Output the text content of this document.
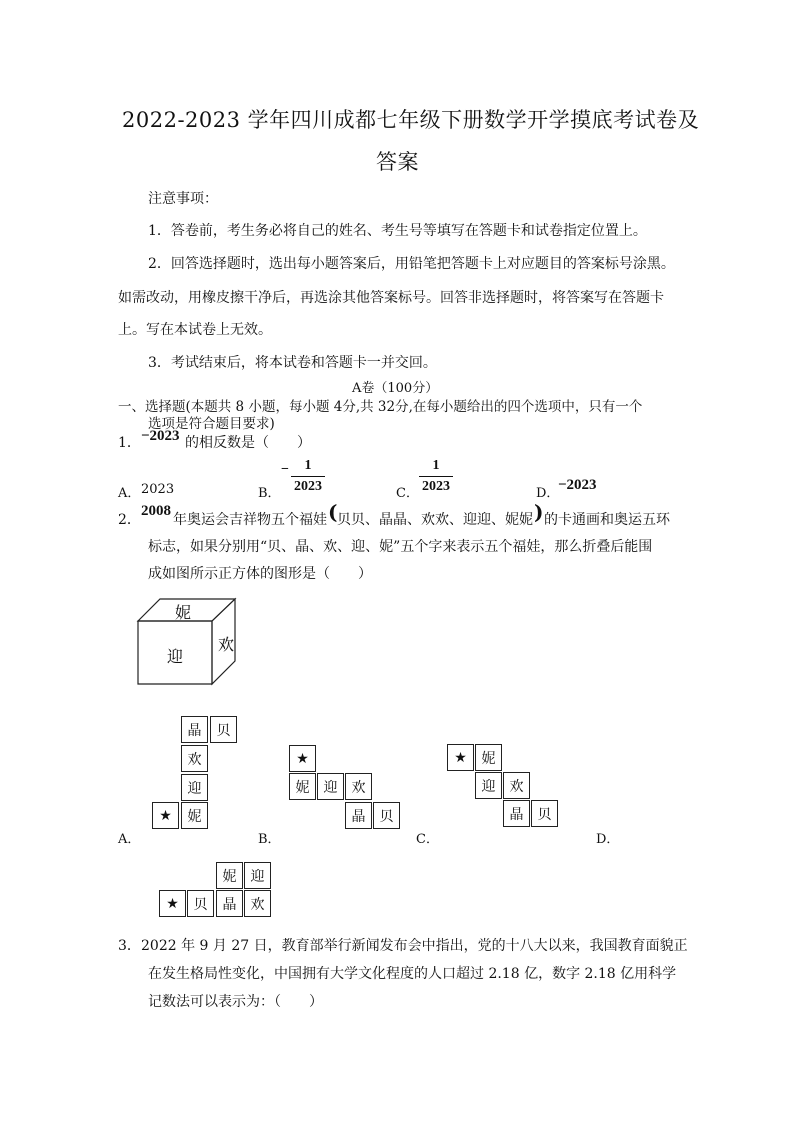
2022-2023 学年四川成都七年级下册数学开学摸底考试卷及
答案
注意事项：
1．答卷前，考生务必将自己的姓名、考生号等填写在答题卡和试卷指定位置上。
2．回答选择题时，选出每小题答案后，用铅笔把答题卡上对应题目的答案标号涂黑。
如需改动，用橡皮擦干净后，再选涂其他答案标号。回答非选择题时，将答案写在答题卡
上。写在本试卷上无效。
3．考试结束后，将本试卷和答题卡一并交回。
A卷（100分）
一、选择题(本题共 8 小题，每小题 4分,共 32分,在每小题给出的四个选项中，只有一个
选项是符合题目要求)
1． −2023 的相反数是（　　）
A． 2023	B．
−	1
2023	C．
1
2023	D．
−2023
2．
2008
年奥运会吉祥物五个福娃 ( 贝贝、晶晶、欢欢、迎迎、妮妮 ) 的卡通画和奥运五环
标志，如果分别用“贝、晶、欢、迎、妮”五个字来表示五个福娃，那么折叠后能围
成如图所示正方体的图形是（　　）
妮
迎
欢
晶	贝
欢
迎
★	妮
A．
★
妮	迎	欢
晶	贝
B．
★	妮
迎	欢
晶	贝
C．	D．
妮	迎
★	贝	晶	欢
3． 2022 年 9 月 27 日，教育部举行新闻发布会中指出，党的十八大以来，我国教育面貌正
在发生格局性变化，中国拥有大学文化程度的人口超过 2.18 亿，数字 2.18 亿用科学
记数法可以表示为：（　　）
